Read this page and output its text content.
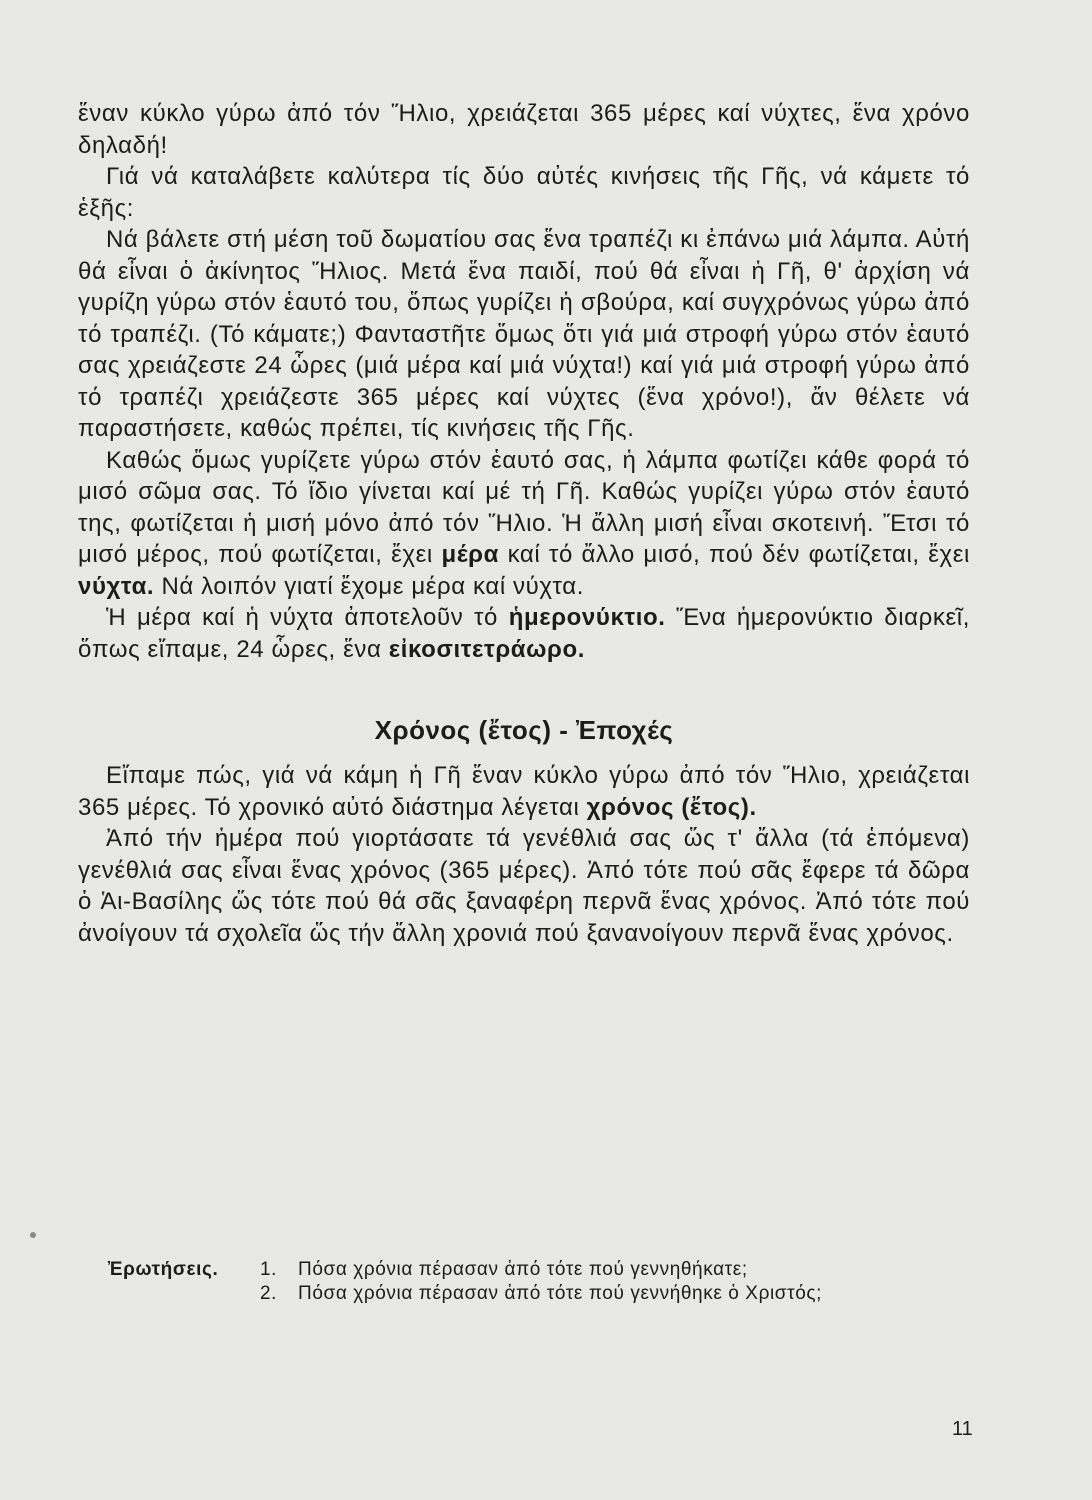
ἕναν κύκλο γύρω ἀπό τόν Ἥλιο, χρειάζεται 365 μέρες καί νύχτες, ἕνα χρόνο δηλαδή!

Γιά νά καταλάβετε καλύτερα τίς δύο αὐτές κινήσεις τῆς Γῆς, νά κάμετε τό ἑξῆς:

Νά βάλετε στή μέση τοῦ δωματίου σας ἕνα τραπέζι κι ἐπάνω μιά λάμπα. Αὐτή θά εἶναι ὁ ἀκίνητος Ἥλιος. Μετά ἕνα παιδί, πού θά εἶναι ἡ Γῆ, θ' ἀρχίση νά γυρίζη γύρω στόν ἑαυτό του, ὅπως γυρίζει ἡ σβούρα, καί συγχρόνως γύρω ἀπό τό τραπέζι. (Τό κάματε;) Φανταστῆτε ὅμως ὅτι γιά μιά στροφή γύρω στόν ἑαυτό σας χρειάζεστε 24 ὧρες (μιά μέρα καί μιά νύχτα!) καί γιά μιά στροφή γύρω ἀπό τό τραπέζι χρειάζεστε 365 μέρες καί νύχτες (ἕνα χρόνο!), ἄν θέλετε νά παραστήσετε, καθώς πρέπει, τίς κινήσεις τῆς Γῆς.

Καθώς ὅμως γυρίζετε γύρω στόν ἑαυτό σας, ἡ λάμπα φωτίζει κάθε φορά τό μισό σῶμα σας. Τό ἴδιο γίνεται καί μέ τή Γῆ. Καθώς γυρίζει γύρω στόν ἑαυτό της, φωτίζεται ἡ μισή μόνο ἀπό τόν Ἥλιο. Ἡ ἄλλη μισή εἶναι σκοτεινή. Ἔτσι τό μισό μέρος, πού φωτίζεται, ἔχει μέρα καί τό ἄλλο μισό, πού δέν φωτίζεται, ἔχει νύχτα. Νά λοιπόν γιατί ἔχομε μέρα καί νύχτα.

Ἡ μέρα καί ἡ νύχτα ἀποτελοῦν τό ἡμερονύκτιο. Ἕνα ἡμερονύκτιο διαρκεῖ, ὅπως εἴπαμε, 24 ὧρες, ἕνα εἰκοσιτετράωρο.

Χρόνος (ἔτος) - Ἐποχές

Εἴπαμε πώς, γιά νά κάμη ἡ Γῆ ἕναν κύκλο γύρω ἀπό τόν Ἥλιο, χρειάζεται 365 μέρες. Τό χρονικό αὐτό διάστημα λέγεται χρόνος (ἔτος).

Ἀπό τήν ἡμέρα πού γιορτάσατε τά γενέθλιά σας ὥς τ' ἄλλα (τά ἑπόμενα) γενέθλιά σας εἶναι ἕνας χρόνος (365 μέρες). Ἀπό τότε πού σᾶς ἔφερε τά δῶρα ὁ Ἁι-Βασίλης ὥς τότε πού θά σᾶς ξαναφέρη περνᾶ ἕνας χρόνος. Ἀπό τότε πού ἀνοίγουν τά σχολεῖα ὥς τήν ἄλλη χρονιά πού ξανανοίγουν περνᾶ ἕνας χρόνος.

Ἐρωτήσεις. 1.	Πόσα χρόνια πέρασαν ἀπό τότε πού γεννηθήκατε;
2.	Πόσα χρόνια πέρασαν ἀπό τότε πού γεννήθηκε ὁ Χριστός;
11
